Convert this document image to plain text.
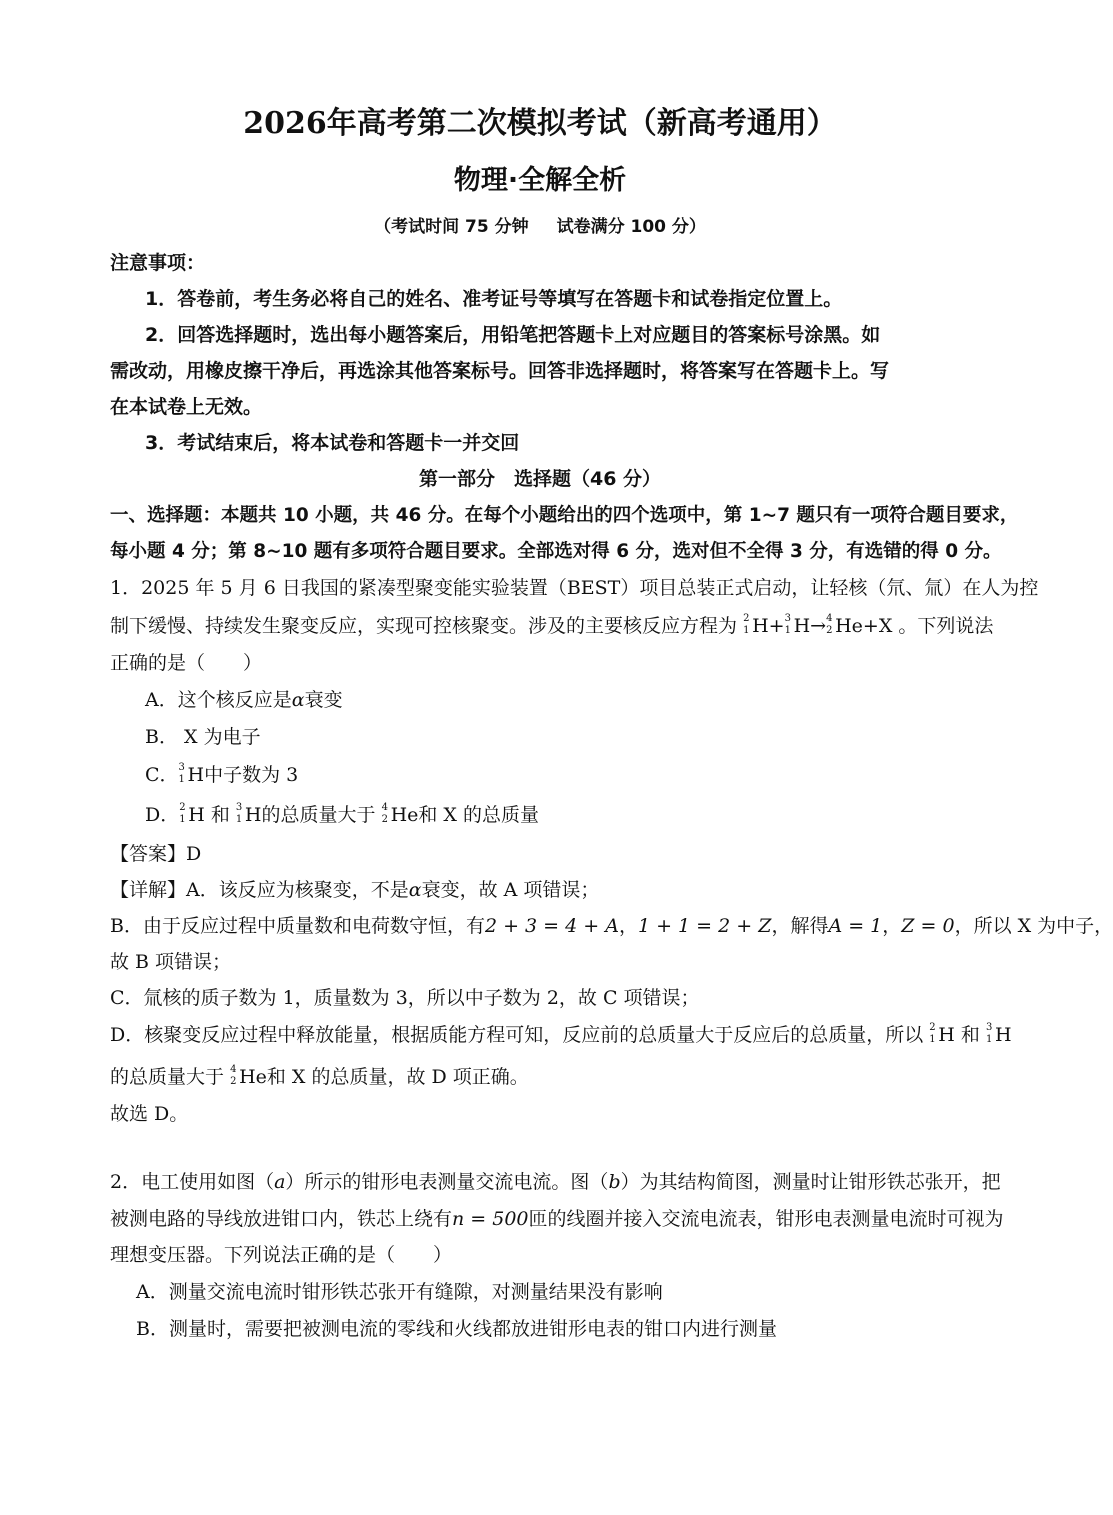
2026年高考第二次模拟考试（新高考通用）
物理·全解全析
（考试时间 75 分钟 试卷满分 100 分）
注意事项：
1．答卷前，考生务必将自己的姓名、准考证号等填写在答题卡和试卷指定位置上。
2．回答选择题时，选出每小题答案后，用铅笔把答题卡上对应题目的答案标号涂黑。如
需改动，用橡皮擦干净后，再选涂其他答案标号。回答非选择题时，将答案写在答题卡上。写
在本试卷上无效。
3．考试结束后，将本试卷和答题卡一并交回
第一部分　选择题（46 分）
一、选择题：本题共 10 小题，共 46 分。在每个小题给出的四个选项中，第 1~7 题只有一项符合题目要求，
每小题 4 分；第 8~10 题有多项符合题目要求。全部选对得 6 分，选对但不全得 3 分，有选错的得 0 分。
1．2025 年 5 月 6 日我国的紧凑型聚变能实验装置（BEST）项目总装正式启动，让轻核（氘、氚）在人为控
制下缓慢、持续发生聚变反应，实现可控核聚变。涉及的主要核反应方程为 2
1 H+ 3
1 H→ 4
2 He+X 。下列说法
正确的是（　　）
A．这个核反应是α衰变
B． X 为电子
C． 3
1 H中子数为 3
D． 2
1 H 和 3
1 H的总质量大于 4
2 He和 X 的总质量
【答案】D
【详解】A．该反应为核聚变，不是α衰变，故 A 项错误；
B．由于反应过程中质量数和电荷数守恒，有2 + 3 = 4 + A，1 + 1 = 2 + Z，解得A = 1，Z = 0，所以 X 为中子，
故 B 项错误；
C．氚核的质子数为 1，质量数为 3，所以中子数为 2，故 C 项错误；
D．核聚变反应过程中释放能量，根据质能方程可知，反应前的总质量大于反应后的总质量，所以 2
1 H 和 3
1 H
的总质量大于 4
2 He和 X 的总质量，故 D 项正确。
故选 D。
2．电工使用如图（a）所示的钳形电表测量交流电流。图（b）为其结构简图，测量时让钳形铁芯张开，把
被测电路的导线放进钳口内，铁芯上绕有n = 500匝的线圈并接入交流电流表，钳形电表测量电流时可视为
理想变压器。下列说法正确的是（　　）
A．测量交流电流时钳形铁芯张开有缝隙，对测量结果没有影响
B．测量时，需要把被测电流的零线和火线都放进钳形电表的钳口内进行测量
